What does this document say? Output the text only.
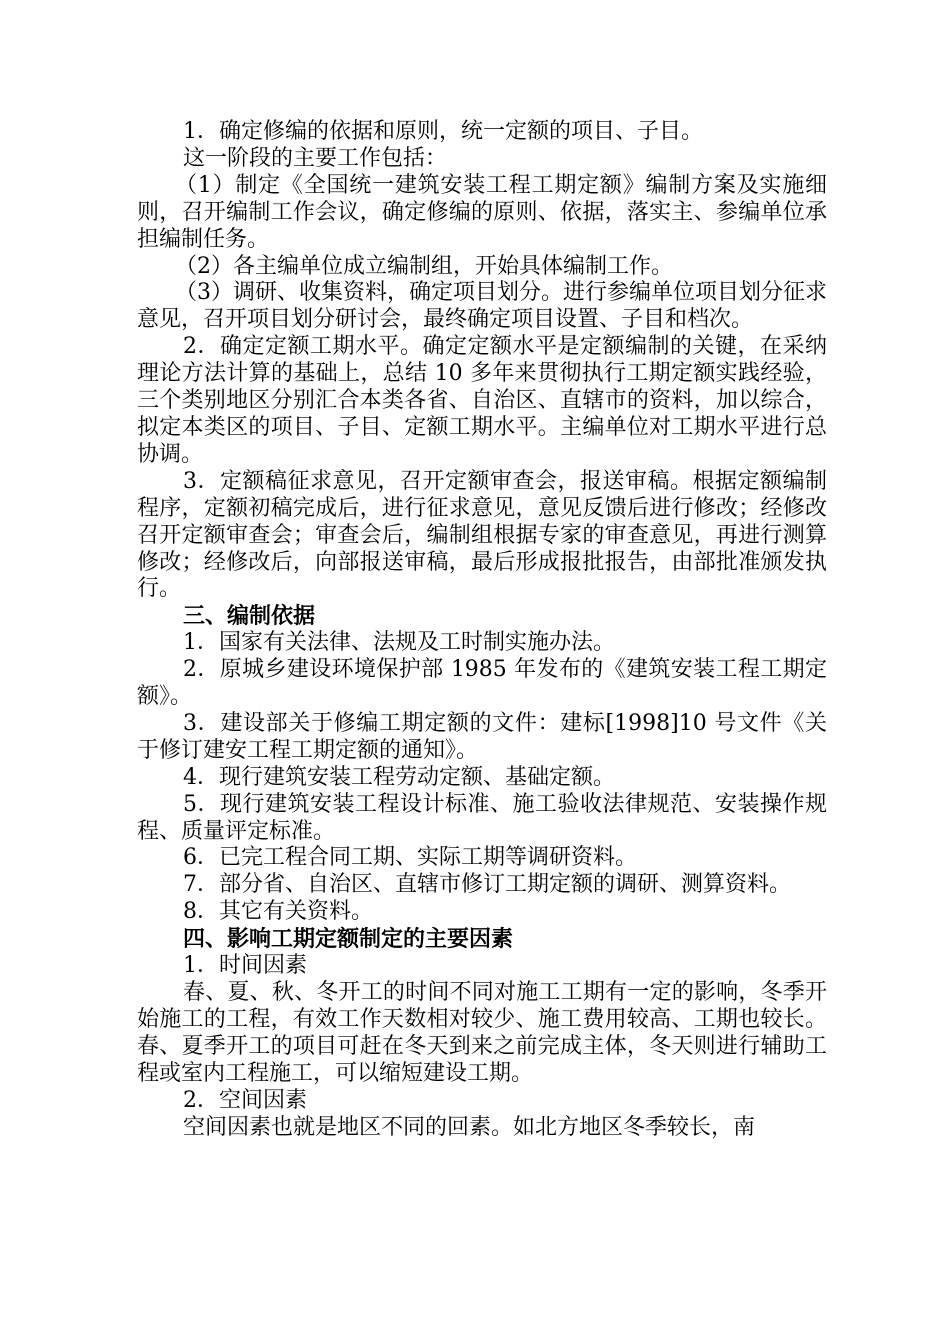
1．确定修编的依据和原则，统一定额的项目、子目。

这一阶段的主要工作包括：

（1）制定《全国统一建筑安装工程工期定额》编制方案及实施细则，召开编制工作会议，确定修编的原则、依据，落实主、参编单位承担编制任务。

（2）各主编单位成立编制组，开始具体编制工作。

（3）调研、收集资料，确定项目划分。进行参编单位项目划分征求意见，召开项目划分研讨会，最终确定项目设置、子目和档次。

2．确定定额工期水平。确定定额水平是定额编制的关键，在采纳理论方法计算的基础上，总结 10 多年来贯彻执行工期定额实践经验，三个类别地区分别汇合本类各省、自治区、直辖市的资料，加以综合，拟定本类区的项目、子目、定额工期水平。主编单位对工期水平进行总协调。

3．定额稿征求意见，召开定额审查会，报送审稿。根据定额编制程序，定额初稿完成后，进行征求意见，意见反馈后进行修改；经修改召开定额审查会；审查会后，编制组根据专家的审查意见，再进行测算修改；经修改后，向部报送审稿，最后形成报批报告，由部批准颁发执行。

三、编制依据

1．国家有关法律、法规及工时制实施办法。

2．原城乡建设环境保护部 1985 年发布的《建筑安装工程工期定额》。

3．建设部关于修编工期定额的文件：建标[1998]10 号文件《关于修订建安工程工期定额的通知》。

4．现行建筑安装工程劳动定额、基础定额。

5．现行建筑安装工程设计标准、施工验收法律规范、安装操作规程、质量评定标准。

6．已完工程合同工期、实际工期等调研资料。

7．部分省、自治区、直辖市修订工期定额的调研、测算资料。

8．其它有关资料。

四、影响工期定额制定的主要因素

1．时间因素

春、夏、秋、冬开工的时间不同对施工工期有一定的影响，冬季开始施工的工程，有效工作天数相对较少、施工费用较高、工期也较长。春、夏季开工的项目可赶在冬天到来之前完成主体，冬天则进行辅助工程或室内工程施工，可以缩短建设工期。

2．空间因素

空间因素也就是地区不同的回素。如北方地区冬季较长，南
